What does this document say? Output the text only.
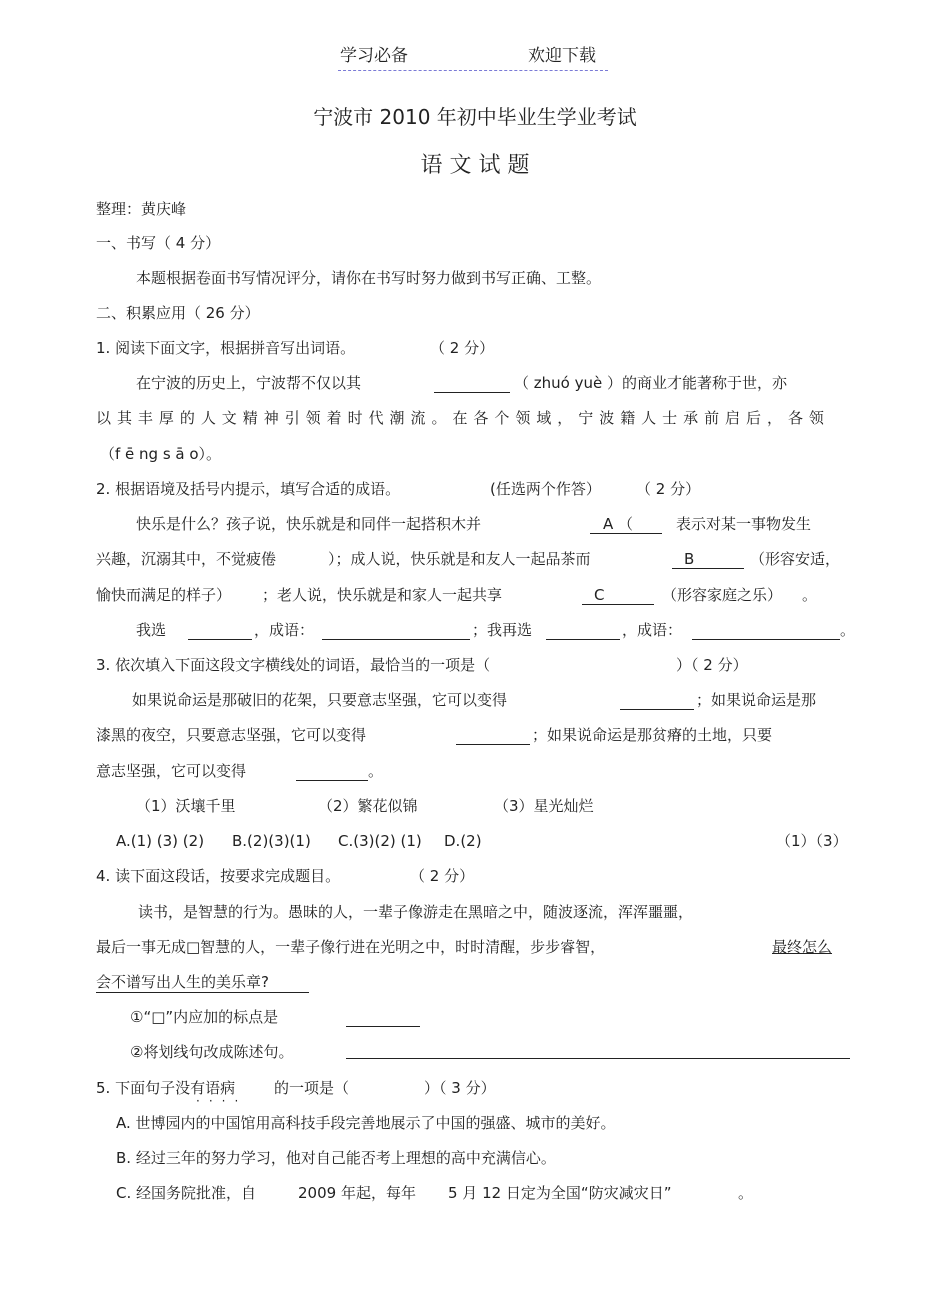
学习必备	欢迎下载
宁波市 2010 年初中毕业生学业考试
语 文 试 题
整理：黄庆峰
一、书写（ 4 分）
本题根据卷面书写情况评分，请你在书写时努力做到书写正确、工整。
二、积累应用（ 26 分）
1. 阅读下面文字，根据拼音写出词语。	（ 2 分）
在宁波的历史上，宁波帮不仅以其	（ zhuó yuè ）的商业才能著称于世，亦
以 其 丰 厚 的 人 文 精 神 引 领 着 时 代 潮 流 。 在 各 个 领 域 ， 宁 波 籍 人 士 承 前 启 后 ， 各 领
（f ē ng s ā o）。
2. 根据语境及括号内提示，填写合适的成语。	(任选两个作答） （ 2 分）
快乐是什么？孩子说，快乐就是和同伴一起搭积木并	A （	表示对某一事物发生
兴趣，沉溺其中，不觉疲倦	）；成人说，快乐就是和友人一起品茶而	B	（形容安适，
愉快而满足的样子） ；老人说，快乐就是和家人一起共享	C	（形容家庭之乐） 。
我选	，成语：	；我再选	，成语：	。
3. 依次填入下面这段文字横线处的词语，最恰当的一项是（	）（ 2 分）
如果说命运是那破旧的花架，只要意志坚强，它可以变得	；如果说命运是那
漆黑的夜空，只要意志坚强，它可以变得	；如果说命运是那贫瘠的土地，只要
意志坚强，它可以变得	。
（1）沃壤千里	（2）繁花似锦	（3）星光灿烂
A.(1) (3) (2) B.(2)(3)(1) C.(3)(2) (1) D.(2)	（1）（3）
4. 读下面这段话，按要求完成题目。	（ 2 分）
读书，是智慧的行为。愚昧的人，一辈子像游走在黑暗之中，随波逐流，浑浑噩噩，
最后一事无成□智慧的人，一辈子像行进在光明之中，时时清醒，步步睿智，	最终怎么
会不谱写出人生的美乐章?
①“□”内应加的标点是
②将划线句改成陈述句。
5. 下面句子没有语病
····
的一项是（	）（ 3 分）
A. 世博园内的中国馆用高科技手段完善地展示了中国的强盛、城市的美好。
B. 经过三年的努力学习，他对自己能否考上理想的高中充满信心。
C. 经国务院批准，自	2009 年起，每年 5 月 12 日定为全国“防灾减灾日”	。
